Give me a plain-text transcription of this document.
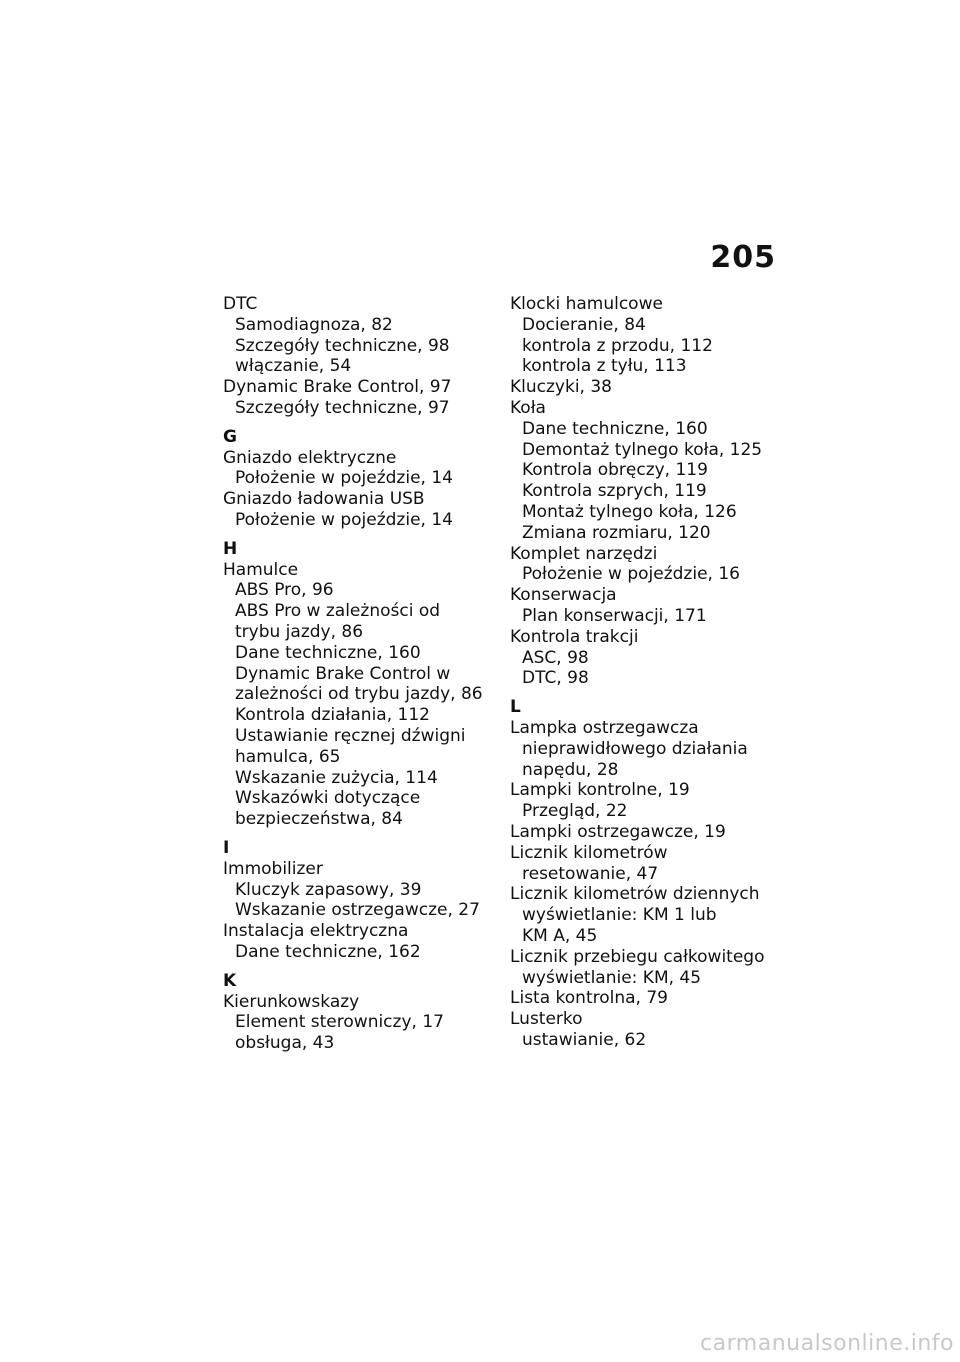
205
DTC
Samodiagnoza, 82
Szczegóły techniczne, 98
włączanie, 54
Dynamic Brake Control, 97
Szczegóły techniczne, 97
G
Gniazdo elektryczne
Położenie w pojeździe, 14
Gniazdo ładowania USB
Położenie w pojeździe, 14
H
Hamulce
ABS Pro, 96
ABS Pro w zależności od
trybu jazdy, 86
Dane techniczne, 160
Dynamic Brake Control w
zależności od trybu jazdy, 86
Kontrola działania, 112
Ustawianie ręcznej dźwigni
hamulca, 65
Wskazanie zużycia, 114
Wskazówki dotyczące
bezpieczeństwa, 84
I
Immobilizer
Kluczyk zapasowy, 39
Wskazanie ostrzegawcze, 27
Instalacja elektryczna
Dane techniczne, 162
K
Kierunkowskazy
Element sterowniczy, 17
obsługa, 43
Klocki hamulcowe
Docieranie, 84
kontrola z przodu, 112
kontrola z tyłu, 113
Kluczyki, 38
Koła
Dane techniczne, 160
Demontaż tylnego koła, 125
Kontrola obręczy, 119
Kontrola szprych, 119
Montaż tylnego koła, 126
Zmiana rozmiaru, 120
Komplet narzędzi
Położenie w pojeździe, 16
Konserwacja
Plan konserwacji, 171
Kontrola trakcji
ASC, 98
DTC, 98
L
Lampka ostrzegawcza
nieprawidłowego działania
napędu, 28
Lampki kontrolne, 19
Przegląd, 22
Lampki ostrzegawcze, 19
Licznik kilometrów
resetowanie, 47
Licznik kilometrów dziennych
wyświetlanie: KM 1 lub
KM A, 45
Licznik przebiegu całkowitego
wyświetlanie: KM, 45
Lista kontrolna, 79
Lusterko
ustawianie, 62
carmanualsonline.info
